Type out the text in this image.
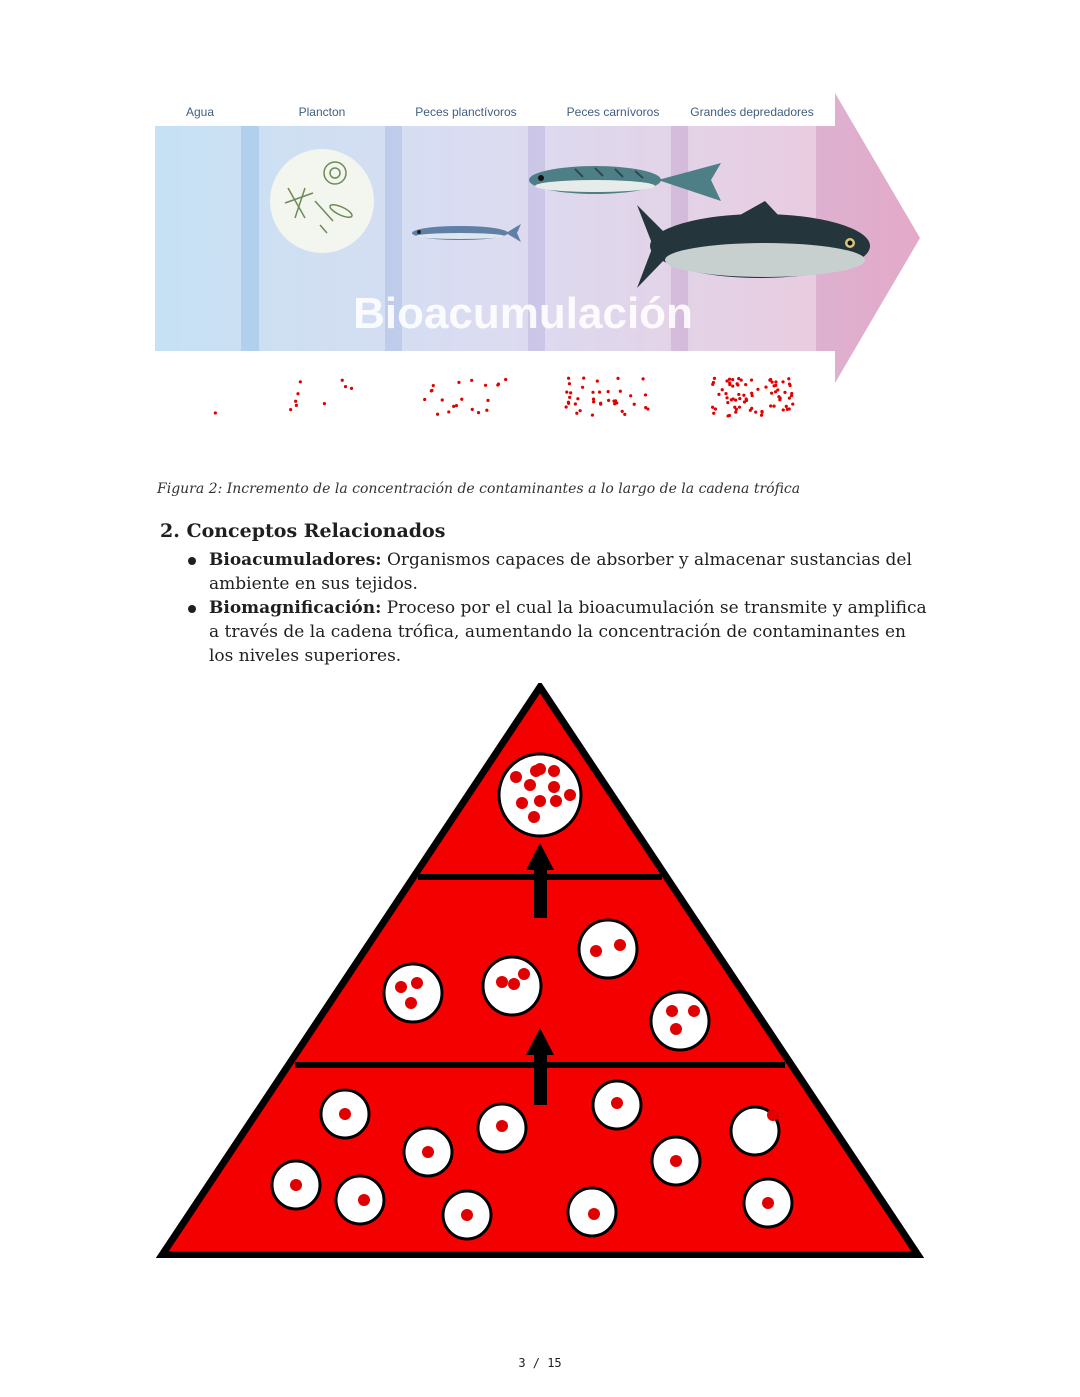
Agua	Plancton	Peces planctívoros	Peces carnívoros	Grandes depredadores
Bioacumulación
Figura 2: Incremento de la concentración de contaminantes a lo largo de la cadena trófica
2. Conceptos Relacionados
Bioacumuladores: Organismos capaces de absorber y almacenar sustancias del ambiente en sus tejidos.
Biomagnificación: Proceso por el cual la bioacumulación se transmite y amplifica a través de la cadena trófica, aumentando la concentración de contaminantes en los niveles superiores.
3 / 15
